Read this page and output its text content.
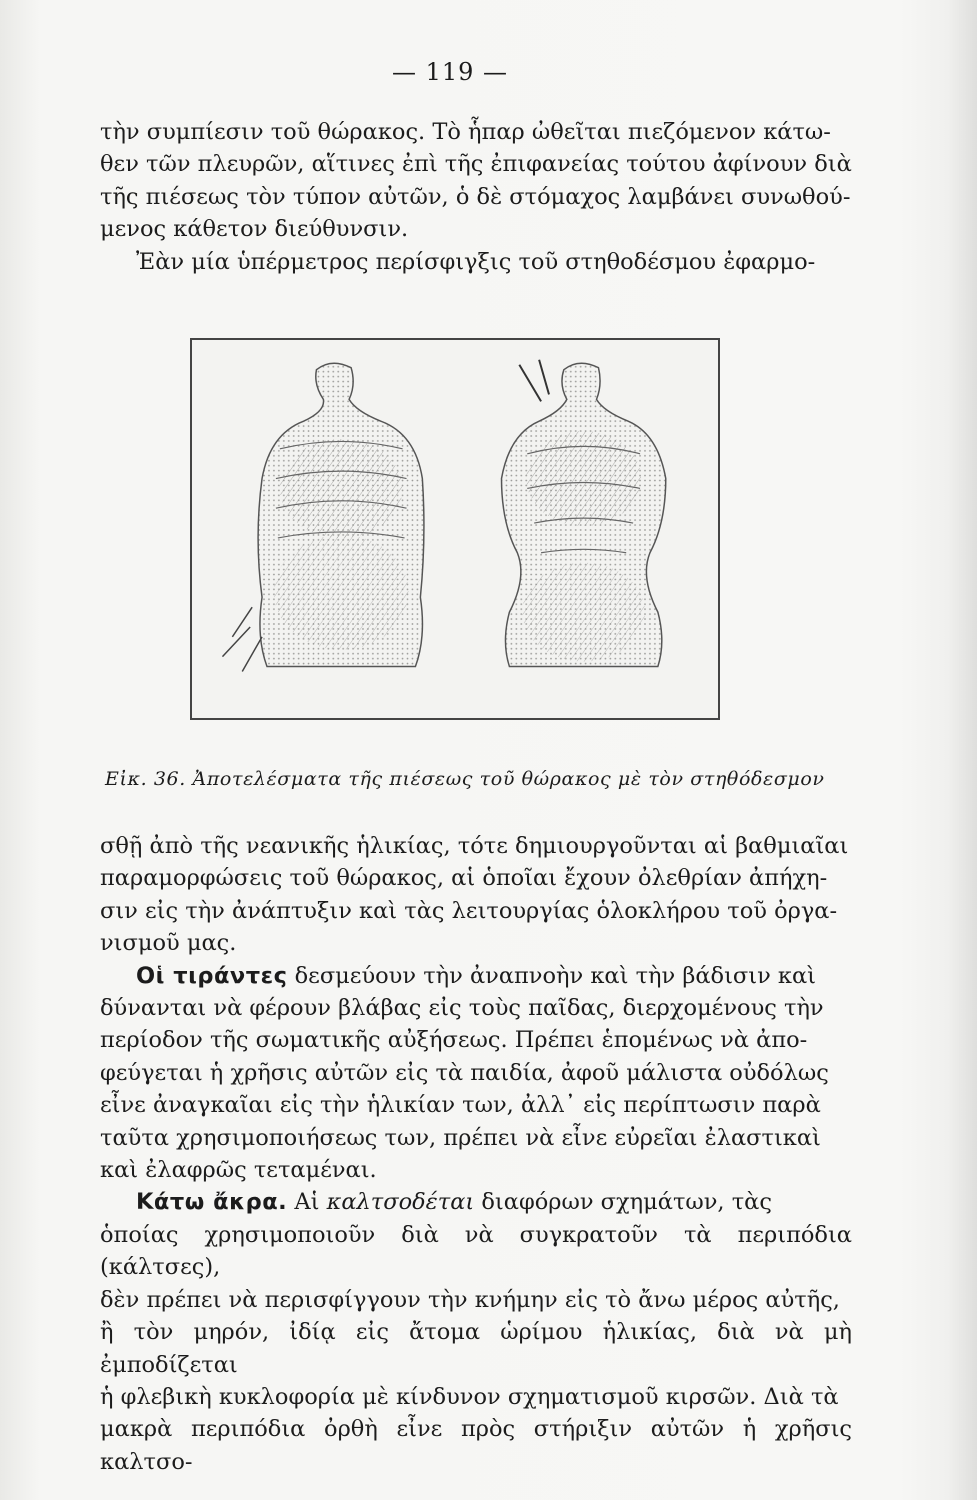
— 119 —

τὴν συμπίεσιν τοῦ θώρακος. Τὸ ἧπαρ ὠθεῖται πιεζόμενον κάτω-
θεν τῶν πλευρῶν, αἵτινες ἐπὶ τῆς ἐπιφανείας τούτου ἀφίνουν διὰ
τῆς πιέσεως τὸν τύπον αὐτῶν, ὁ δὲ στόμαχος λαμβάνει συνωθού-
μενος κάθετον διεύθυνσιν.

Ἐὰν μία ὑπέρμετρος περίσφιγξις τοῦ στηθοδέσμου ἐφαρμο-

Εἰκ. 36. Ἀποτελέσματα τῆς πιέσεως τοῦ θώρακος μὲ τὸν στηθόδεσμον

σθῇ ἀπὸ τῆς νεανικῆς ἡλικίας, τότε δημιουργοῦνται αἱ βαθμιαῖαι
παραμορφώσεις τοῦ θώρακος, αἱ ὁποῖαι ἔχουν ὀλεθρίαν ἀπήχη-
σιν εἰς τὴν ἀνάπτυξιν καὶ τὰς λειτουργίας ὁλοκλήρου τοῦ ὀργα-
νισμοῦ μας.

Οἱ τιράντες δεσμεύουν τὴν ἀναπνοὴν καὶ τὴν βάδισιν καὶ
δύνανται νὰ φέρουν βλάβας εἰς τοὺς παῖδας, διερχομένους τὴν
περίοδον τῆς σωματικῆς αὐξήσεως. Πρέπει ἑπομένως νὰ ἀπο-
φεύγεται ἡ χρῆσις αὐτῶν εἰς τὰ παιδία, ἀφοῦ μάλιστα οὐδόλως
εἶνε ἀναγκαῖαι εἰς τὴν ἡλικίαν των, ἀλλ᾽ εἰς περίπτωσιν παρὰ
ταῦτα χρησιμοποιήσεως των, πρέπει νὰ εἶνε εὐρεῖαι ἐλαστικαὶ
καὶ ἐλαφρῶς τεταμέναι.

Κάτω ἄκρα. Αἱ καλτσοδέται διαφόρων σχημάτων, τὰς
ὁποίας χρησιμοποιοῦν διὰ νὰ συγκρατοῦν τὰ περιπόδια (κάλτσες),
δὲν πρέπει νὰ περισφίγγουν τὴν κνήμην εἰς τὸ ἄνω μέρος αὐτῆς,
ἢ τὸν μηρόν, ἰδίᾳ εἰς ἄτομα ὡρίμου ἡλικίας, διὰ νὰ μὴ ἐμποδίζεται
ἡ φλεβικὴ κυκλοφορία μὲ κίνδυνον σχηματισμοῦ κιρσῶν. Διὰ τὰ
μακρὰ περιπόδια ὀρθὴ εἶνε πρὸς στήριξιν αὐτῶν ἡ χρῆσις καλτσο-
